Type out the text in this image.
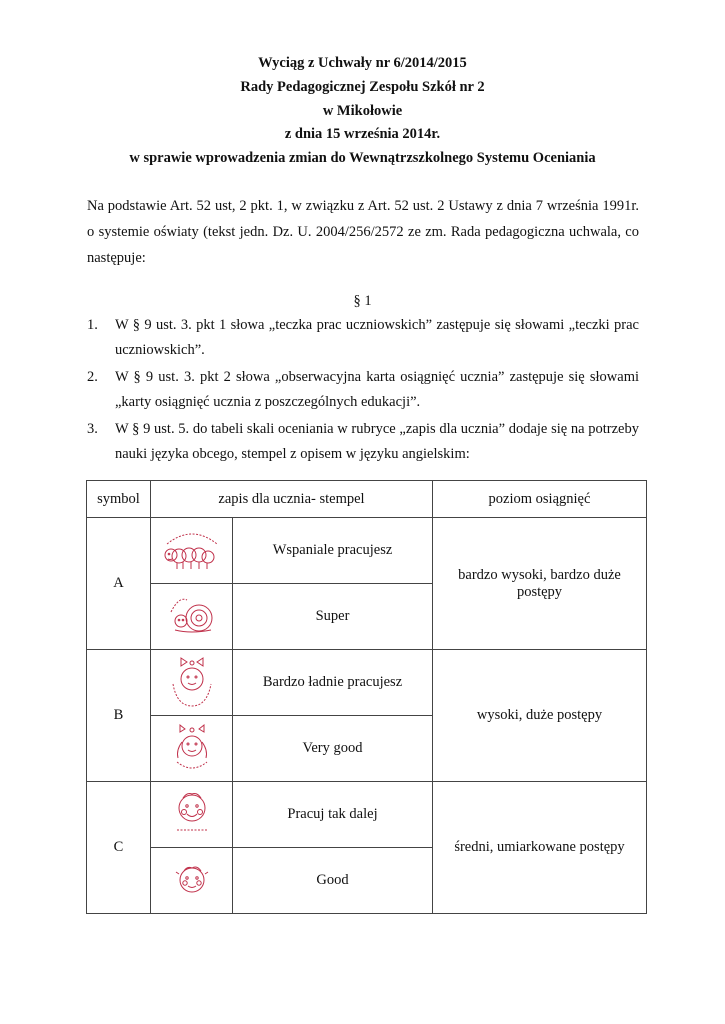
Wyciąg z Uchwały nr 6/2014/2015
Rady Pedagogicznej Zespołu Szkół nr 2
w Mikołowie
z dnia 15 września 2014r.
w sprawie wprowadzenia zmian do Wewnątrzszkolnego Systemu Oceniania
Na podstawie Art. 52 ust, 2 pkt. 1, w związku z Art. 52 ust. 2 Ustawy z dnia 7 września 1991r. o systemie oświaty (tekst jedn. Dz. U. 2004/256/2572 ze zm. Rada pedagogiczna uchwala, co następuje:
§ 1
1. W § 9 ust. 3. pkt 1 słowa „teczka prac uczniowskich” zastępuje się słowami „teczki prac uczniowskich”.
2. W § 9 ust. 3. pkt 2 słowa „obserwacyjna karta osiągnięć ucznia” zastępuje się słowami „karty osiągnięć ucznia z poszczególnych edukacji”.
3. W § 9 ust. 5. do tabeli skali oceniania w rubryce „zapis dla ucznia” dodaje się na potrzeby nauki języka obcego, stempel z opisem w języku angielskim:
symbol	zapis dla ucznia- stempel		poziom osiągnięć
A		Wspaniale pracujesz	bardzo wysoki, bardzo duże postępy

	Super	
B		Bardzo ładnie pracujesz	wysoki, duże postępy

	Very good	
C		Pracuj tak dalej	średni, umiarkowane postępy

	Good	
